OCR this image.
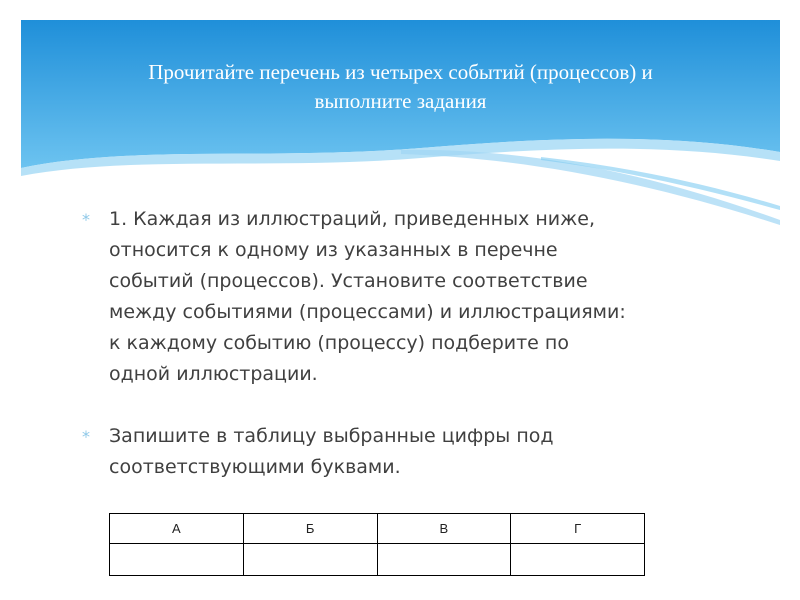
Прочитайте перечень из четырех событий (процессов) и
выполните задания
* 1. Каждая из иллюстраций, приведенных ниже,
относится к одному из указанных в перечне
событий (процессов). Установите соответствие
между событиями (процессами) и иллюстрациями:
к каждому событию (процессу) подберите по
одной иллюстрации.
* Запишите в таблицу выбранные цифры под
соответствующими буквами.
А	Б	В	Г
